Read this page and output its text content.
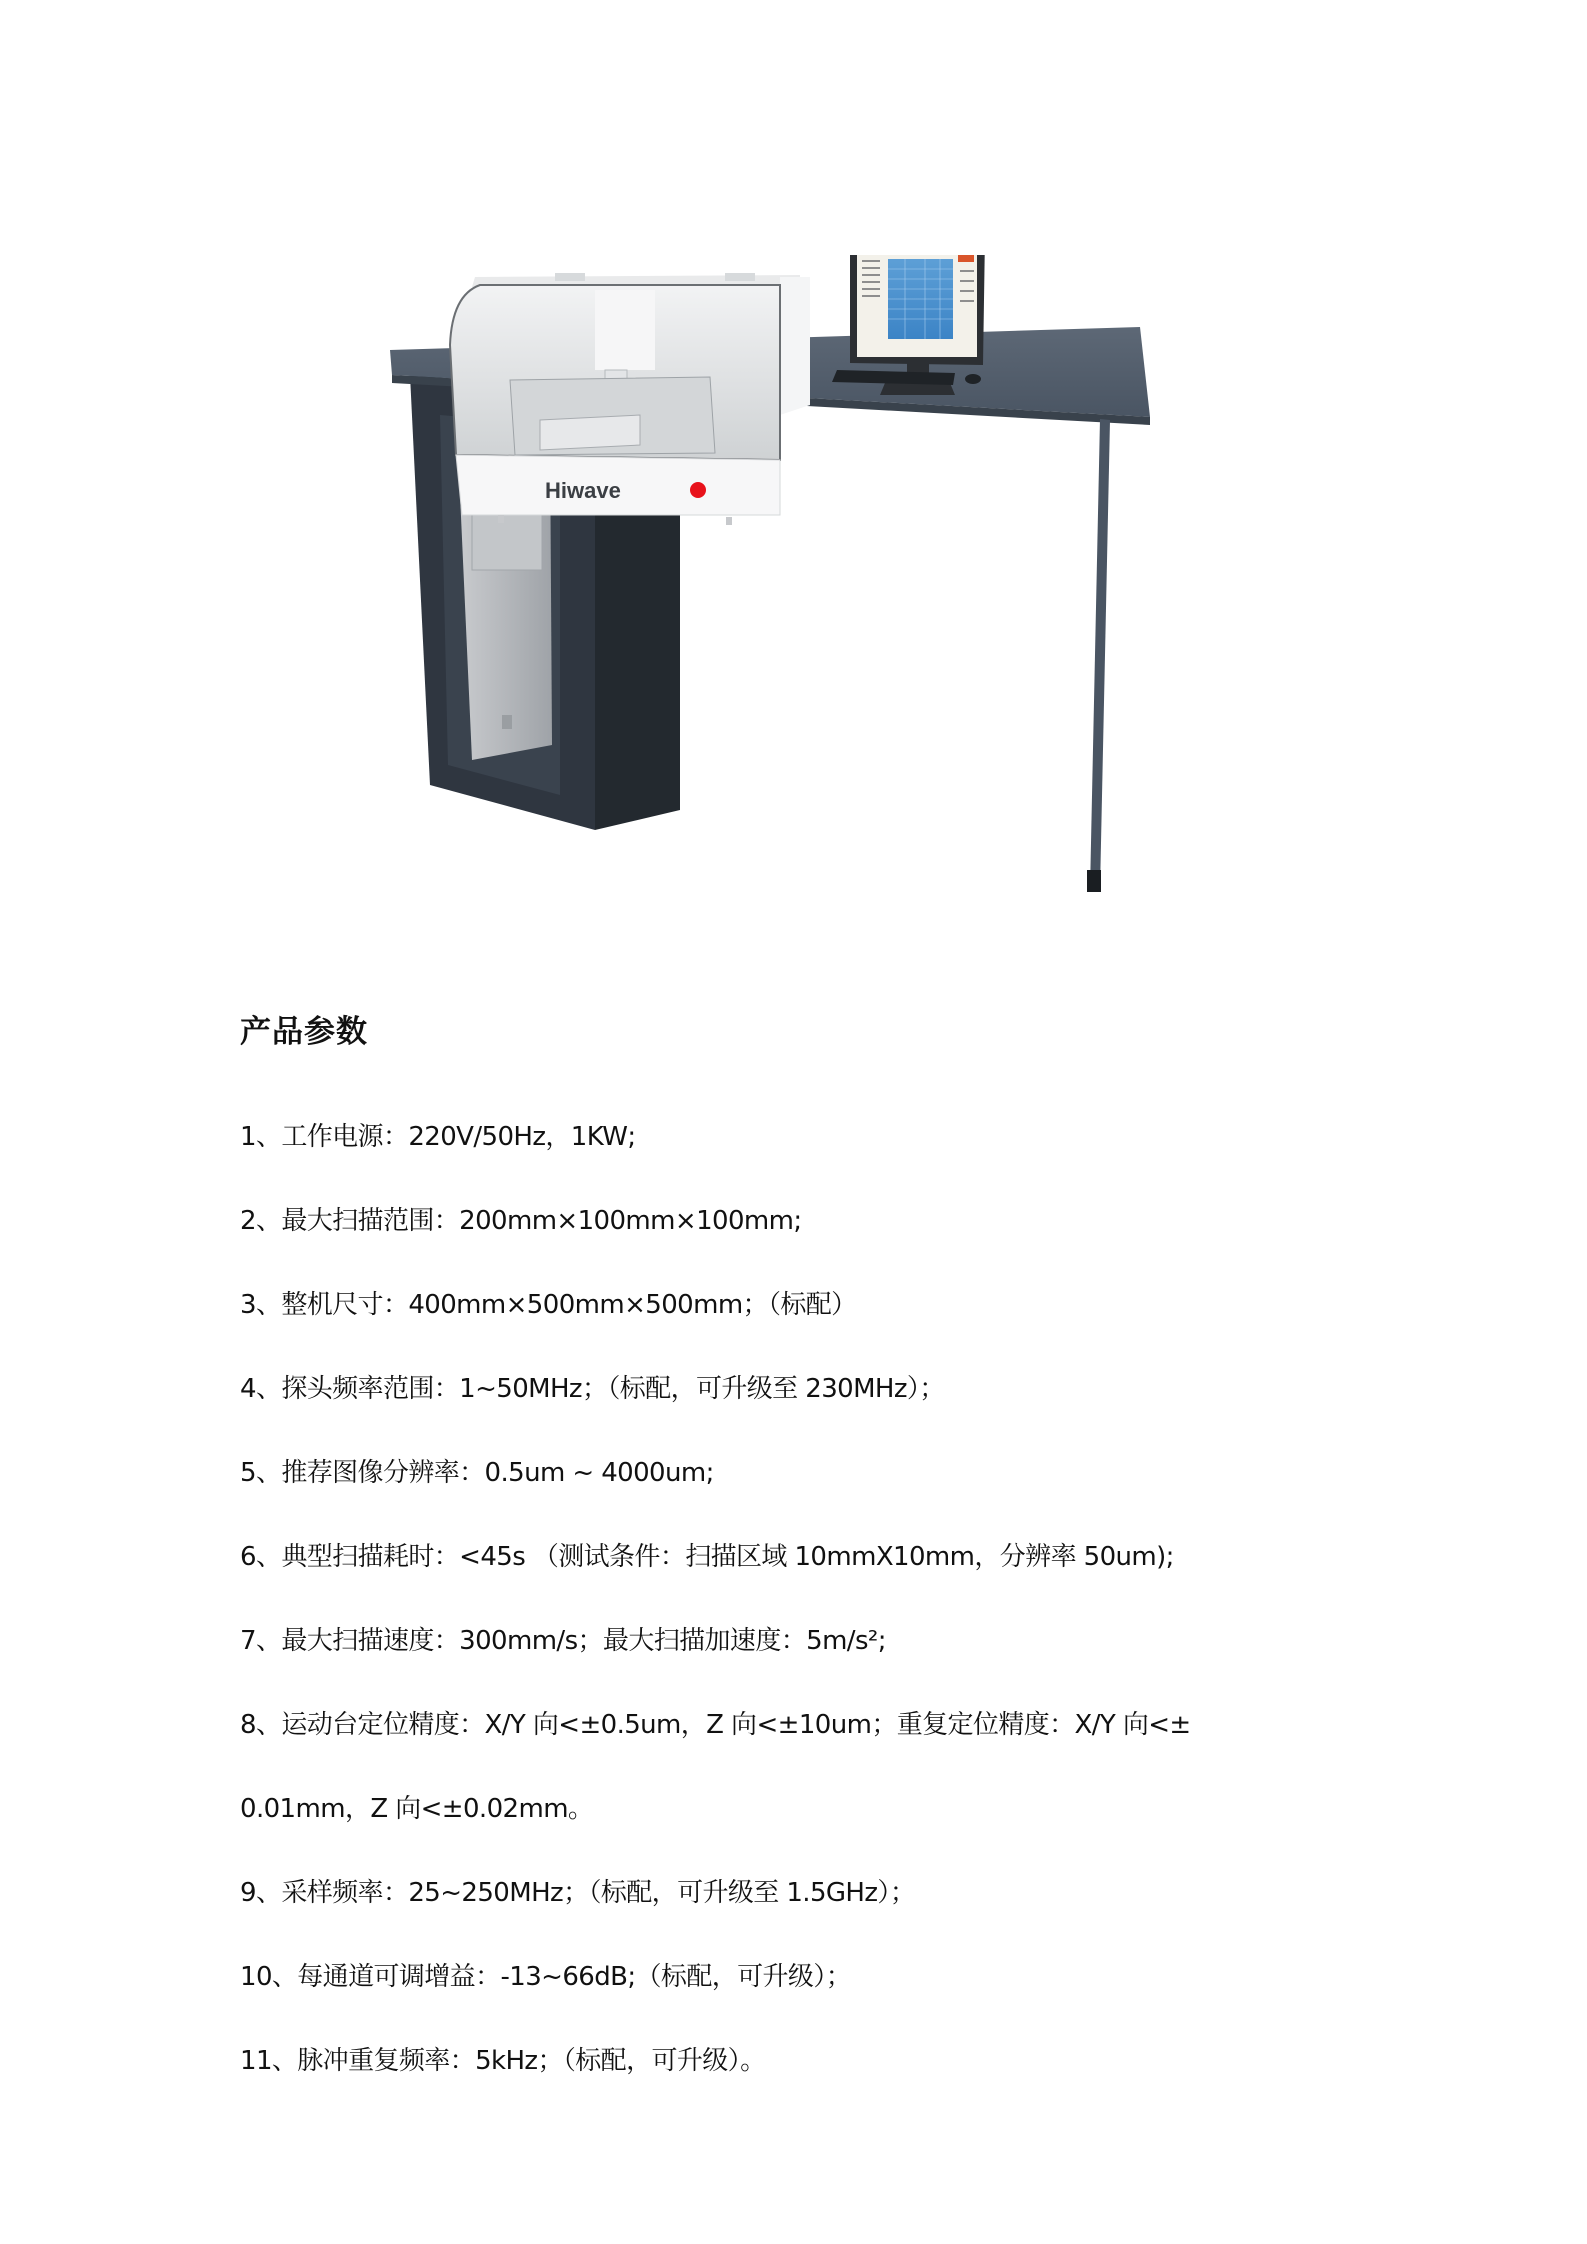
Hiwave
产品参数
1、工作电源：220V/50Hz，1KW;
2、最大扫描范围：200mm×100mm×100mm;
3、整机尺寸：400mm×500mm×500mm；（标配）
4、探头频率范围：1~50MHz；（标配，可升级至 230MHz）；
5、推荐图像分辨率：0.5um ~ 4000um;
6、典型扫描耗时：<45s （测试条件：扫描区域 10mmX10mm，分辨率 50um);
7、最大扫描速度：300mm/s；最大扫描加速度：5m/s²;
8、运动台定位精度：X/Y 向<±0.5um，Z 向<±10um；重复定位精度：X/Y 向<±
0.01mm，Z 向<±0.02mm。
9、采样频率：25~250MHz；（标配，可升级至 1.5GHz）；
10、每通道可调增益：-13~66dB;（标配，可升级）；
11、脉冲重复频率：5kHz；（标配，可升级）。
